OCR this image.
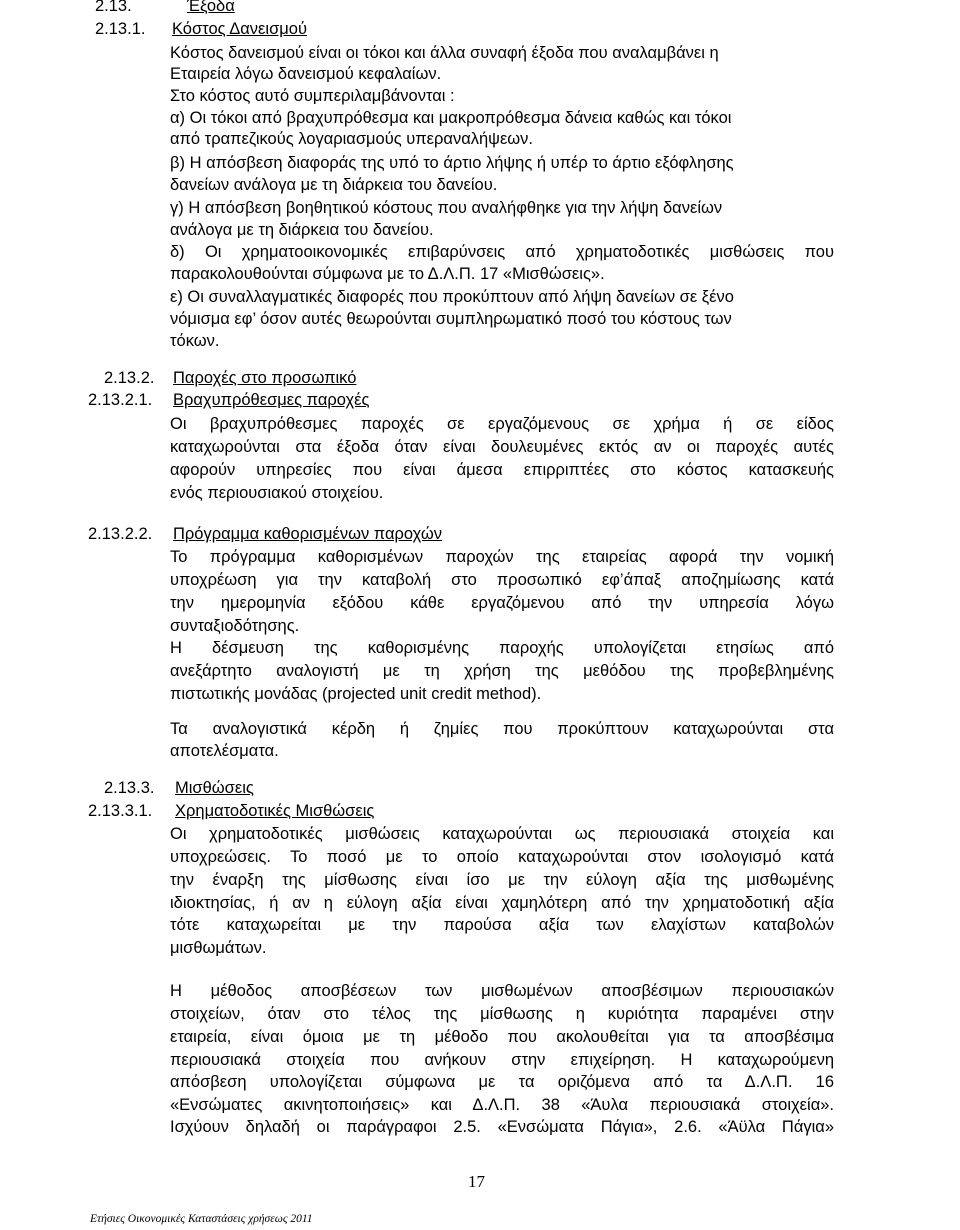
2.13.	Έξοδα
2.13.1. Κόστος Δανεισμού
Κόστος δανεισμού είναι οι τόκοι και άλλα συναφή έξοδα που αναλαμβάνει η
Εταιρεία λόγω δανεισμού κεφαλαίων.
Στο κόστος αυτό συμπεριλαμβάνονται :
α) Οι τόκοι από βραχυπρόθεσμα και μακροπρόθεσμα δάνεια καθώς και τόκοι
από τραπεζικούς λογαριασμούς υπεραναλήψεων.
β) Η απόσβεση διαφοράς της υπό το άρτιο λήψης ή υπέρ το άρτιο εξόφλησης
δανείων ανάλογα με τη διάρκεια του δανείου.
γ) Η απόσβεση βοηθητικού κόστους που αναλήφθηκε για την λήψη δανείων
ανάλογα με τη διάρκεια του δανείου.
δ) Οι χρηματοοικονομικές επιβαρύνσεις από χρηματοδοτικές μισθώσεις που
παρακολουθούνται σύμφωνα με το Δ.Λ.Π. 17 «Μισθώσεις».
ε) Οι συναλλαγματικές διαφορές που προκύπτουν από λήψη δανείων σε ξένο
νόμισμα εφ’ όσον αυτές θεωρούνται συμπληρωματικό ποσό του κόστους των
τόκων.
2.13.2. Παροχές στο προσωπικό
2.13.2.1. Βραχυπρόθεσμες παροχές
Οι βραχυπρόθεσμες παροχές σε εργαζόμενους σε χρήμα ή σε είδος
καταχωρούνται στα έξοδα όταν είναι δουλευμένες εκτός αν οι παροχές αυτές
αφορούν υπηρεσίες που είναι άμεσα επιρριπτέες στο κόστος κατασκευής
ενός περιουσιακού στοιχείου.
2.13.2.2. Πρόγραμμα καθορισμένων παροχών
Το πρόγραμμα καθορισμένων παροχών της εταιρείας αφορά την νομική
υποχρέωση για την καταβολή στο προσωπικό εφ’άπαξ αποζημίωσης κατά
την ημερομηνία εξόδου κάθε εργαζόμενου από την υπηρεσία λόγω
συνταξιοδότησης.
Η δέσμευση της καθορισμένης παροχής υπολογίζεται ετησίως από
ανεξάρτητο αναλογιστή με τη χρήση της μεθόδου της προβεβλημένης
πιστωτικής μονάδας (projected unit credit method).
Τα αναλογιστικά κέρδη ή ζημίες που προκύπτουν καταχωρούνται στα
αποτελέσματα.
2.13.3. Μισθώσεις
2.13.3.1. Χρηματοδοτικές Μισθώσεις
Οι χρηματοδοτικές μισθώσεις καταχωρούνται ως περιουσιακά στοιχεία και
υποχρεώσεις. Το ποσό με το οποίο καταχωρούνται στον ισολογισμό κατά
την έναρξη της μίσθωσης είναι ίσο με την εύλογη αξία της μισθωμένης
ιδιοκτησίας, ή αν η εύλογη αξία είναι χαμηλότερη από την χρηματοδοτική αξία
τότε καταχωρείται με την παρούσα αξία των ελαχίστων καταβολών
μισθωμάτων.
Η μέθοδος αποσβέσεων των μισθωμένων αποσβέσιμων περιουσιακών
στοιχείων, όταν στο τέλος της μίσθωσης η κυριότητα παραμένει στην
εταιρεία, είναι όμοια με τη μέθοδο που ακολουθείται για τα αποσβέσιμα
περιουσιακά στοιχεία που ανήκουν στην επιχείρηση. Η καταχωρούμενη
απόσβεση υπολογίζεται σύμφωνα με τα οριζόμενα από τα Δ.Λ.Π. 16
«Ενσώματες ακινητοποιήσεις» και Δ.Λ.Π. 38 «Άυλα περιουσιακά στοιχεία».
Ισχύουν δηλαδή οι παράγραφοι 2.5. «Ενσώματα Πάγια», 2.6. «Άϋλα Πάγια»
17
Ετήσιες Οικονομικές Καταστάσεις χρήσεως 2011
